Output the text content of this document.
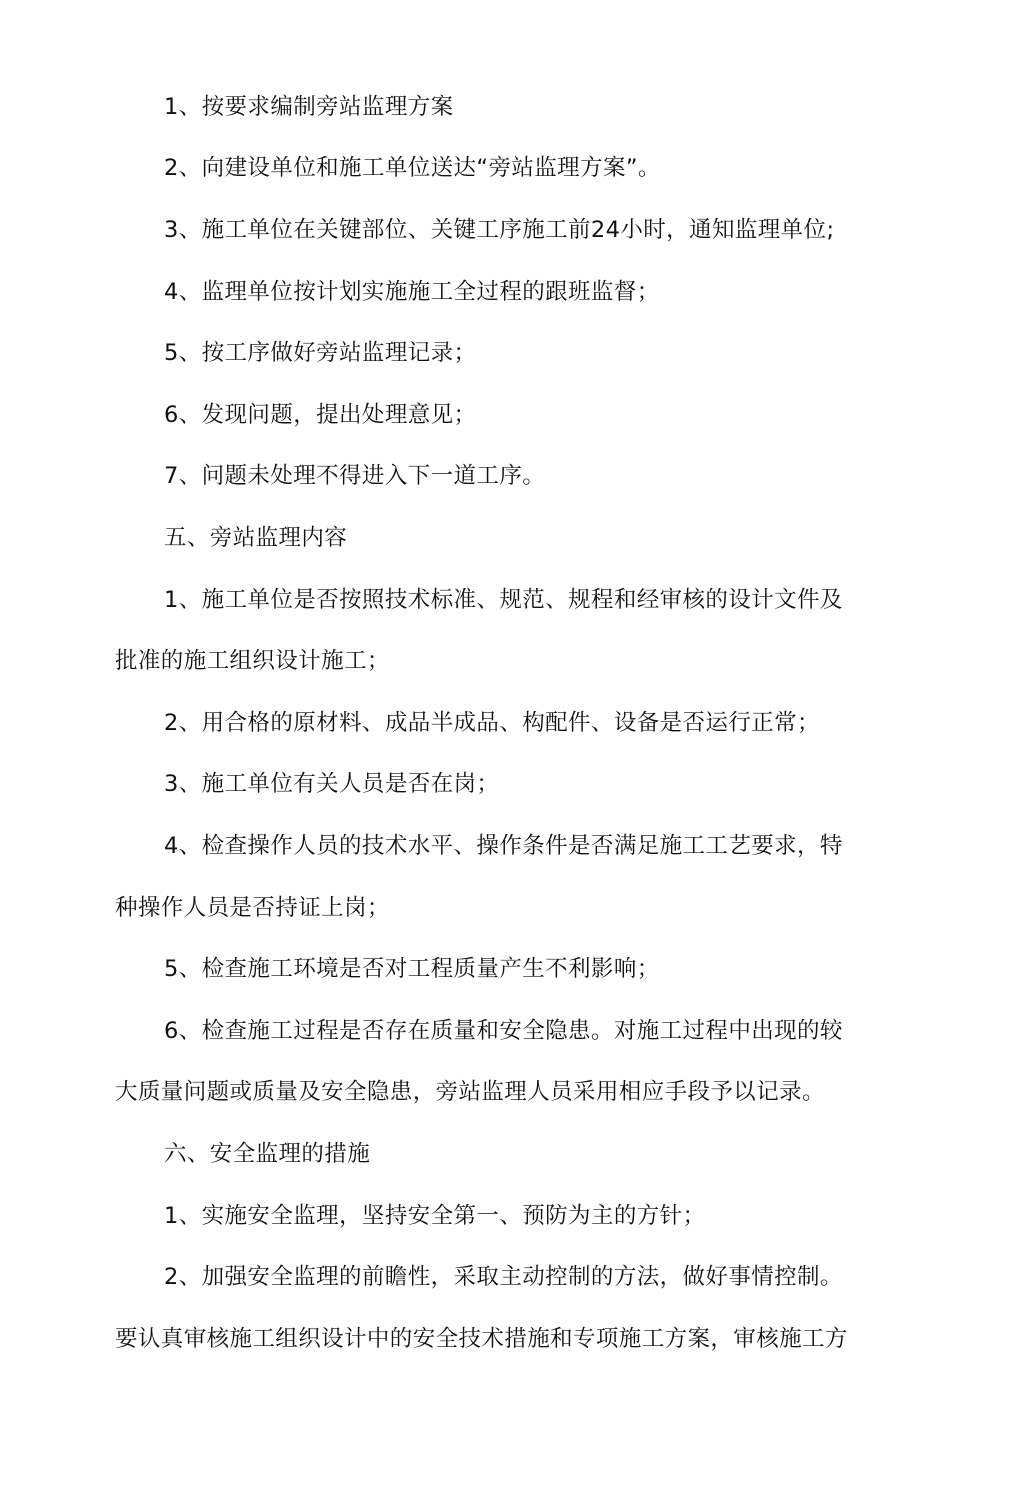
1、按要求编制旁站监理方案
2、向建设单位和施工单位送达“旁站监理方案”。
3、施工单位在关键部位、关键工序施工前24小时，通知监理单位;
4、监理单位按计划实施施工全过程的跟班监督；
5、按工序做好旁站监理记录；
6、发现问题，提出处理意见；
7、问题未处理不得进入下一道工序。
五、旁站监理内容
1、施工单位是否按照技术标准、规范、规程和经审核的设计文件及
批准的施工组织设计施工；
2、用合格的原材料、成品半成品、构配件、设备是否运行正常；
3、施工单位有关人员是否在岗；
4、检查操作人员的技术水平、操作条件是否满足施工工艺要求，特
种操作人员是否持证上岗；
5、检查施工环境是否对工程质量产生不利影响；
6、检查施工过程是否存在质量和安全隐患。对施工过程中出现的较
大质量问题或质量及安全隐患，旁站监理人员采用相应手段予以记录。
六、安全监理的措施
1、实施安全监理，坚持安全第一、预防为主的方针；
2、加强安全监理的前瞻性，采取主动控制的方法，做好事情控制。
要认真审核施工组织设计中的安全技术措施和专项施工方案，审核施工方
